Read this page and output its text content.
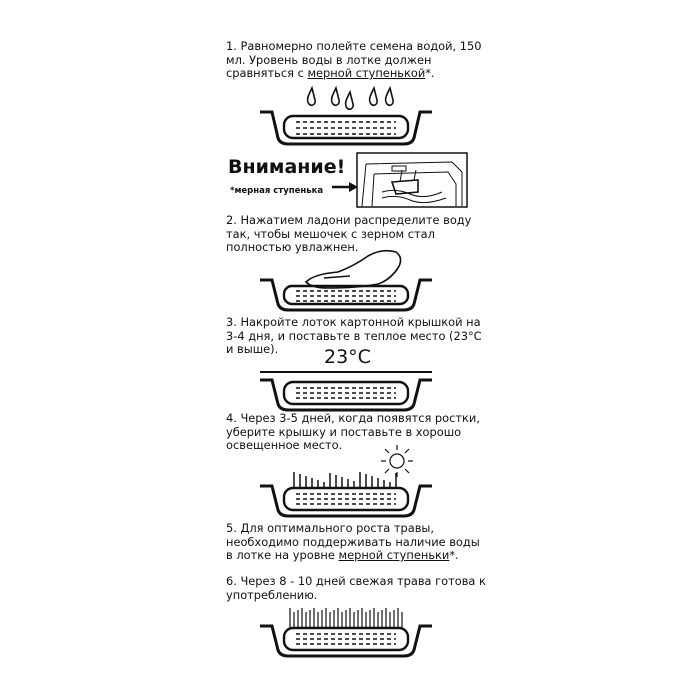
1. Равномерно полейте семена водой, 150 мл. Уровень воды в лотке должен сравняться с мерной ступенькой*.
Внимание!
*мерная ступенька
2. Нажатием ладони распределите воду так, чтобы мешочек с зерном стал полностью увлажнен.
3. Накройте лоток картонной крышкой на 3-4 дня, и поставьте в теплое место (23°С и выше).	23°C
4. Через 3-5 дней, когда появятся ростки, уберите крышку и поставьте в хорошо освещенное место.
5. Для оптимального роста травы, необходимо поддерживать наличие воды в лотке на уровне мерной ступеньки*.
6. Через 8 - 10 дней свежая трава готова к употреблению.
